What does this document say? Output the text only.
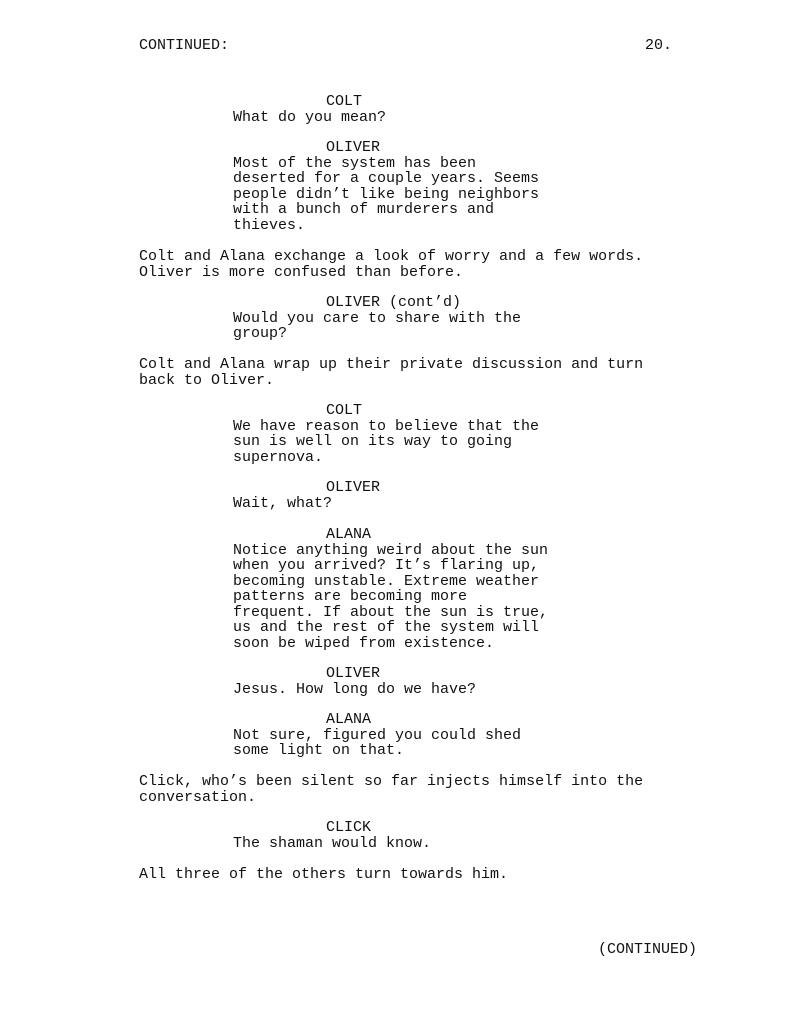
CONTINUED:	20.
COLT
What do you mean?
OLIVER
Most of the system has been
deserted for a couple years. Seems
people didn’t like being neighbors
with a bunch of murderers and
thieves.
Colt and Alana exchange a look of worry and a few words.
Oliver is more confused than before.
OLIVER (cont’d)
Would you care to share with the
group?
Colt and Alana wrap up their private discussion and turn
back to Oliver.
COLT
We have reason to believe that the
sun is well on its way to going
supernova.
OLIVER
Wait, what?
ALANA
Notice anything weird about the sun
when you arrived? It’s flaring up,
becoming unstable. Extreme weather
patterns are becoming more
frequent. If about the sun is true,
us and the rest of the system will
soon be wiped from existence.
OLIVER
Jesus. How long do we have?
ALANA
Not sure, figured you could shed
some light on that.
Click, who’s been silent so far injects himself into the
conversation.
CLICK
The shaman would know.
All three of the others turn towards him.
(CONTINUED)
